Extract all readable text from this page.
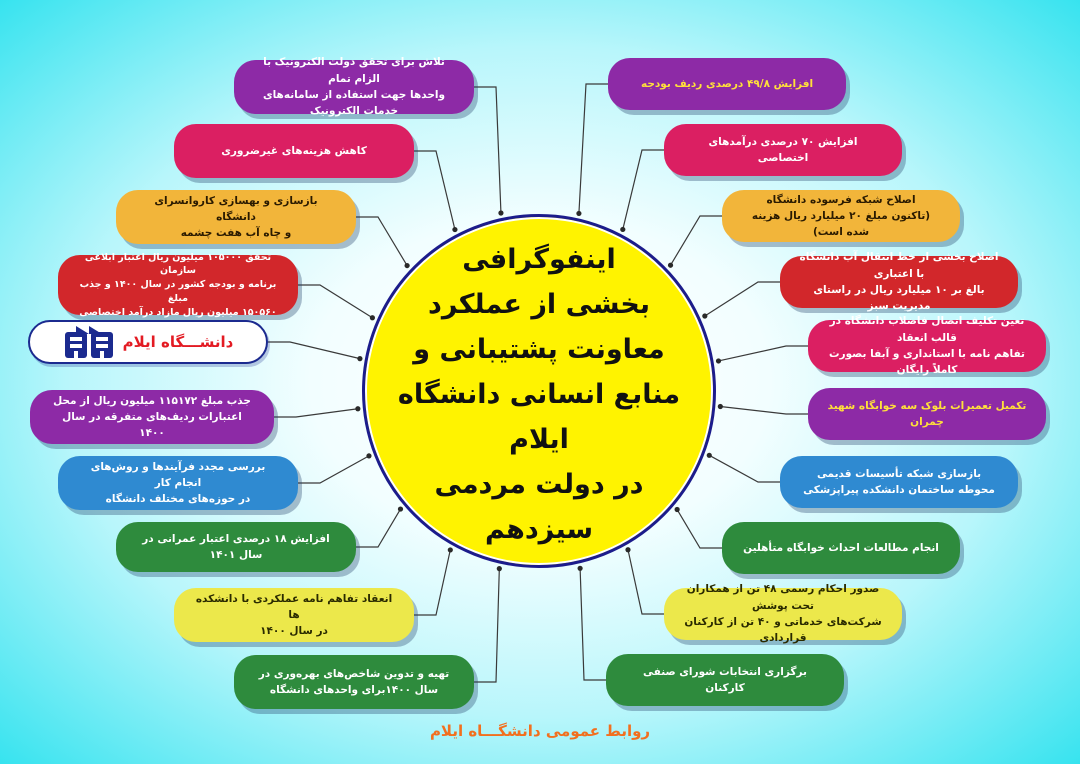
اینفوگرافی
بخشی از عملکرد
معاونت پشتیبانی و
منابع انسانی دانشگاه ایلام
در دولت مردمی
سیزدهم
تلاش برای تحقق دولت الکترونیک با الزام تمام
واحدها جهت استفاده از سامانه‌های خدمات الکترونیک
کاهش هزینه‌های غیرضروری
بازسازی و بهسازی کاروانسرای دانشگاه
و چاه آب هفت چشمه
تحقق ۱۰۵۰۰۰ میلیون ریال اعتبار ابلاغی سازمان
برنامه و بودجه کشور در سال ۱۴۰۰ و جذب مبلغ
۱۵۰۵۶۰ میلیون ریال مازاد درآمد اختصاصی
دانشـــگاه ایلام
جذب مبلغ ۱۱۵۱۷۲ میلیون ریال از محل
اعتبارات ردیف‌های متفرقه در سال ۱۴۰۰
بررسی مجدد فرآیندها و روش‌های انجام کار
در حوزه‌های مختلف دانشگاه
افزایش ۱۸ درصدی اعتبار عمرانی در سال ۱۴۰۱
انعقاد تفاهم نامه عملکردی با دانشکده ها
در سال ۱۴۰۰
تهیه و تدوین شاخص‌های بهره‌وری در
سال ۱۴۰۰برای واحدهای دانشگاه
افزایش ۴۹/۸ درصدی ردیف بودجه
افزایش ۷۰ درصدی درآمدهای اختصاصی
اصلاح شبکه فرسوده دانشگاه
(تاکنون مبلغ ۲۰ میلیارد ریال هزینه شده است)
اصلاح بخشی از خط انتقال آب دانشگاه با اعتباری
بالغ بر ۱۰ میلیارد ریال در راستای مدیریت سبز
تعین تکلیف اتصال فاضلاب دانشگاه در قالب انعقاد
تفاهم نامه با استانداری و آبفا بصورت کاملاً رایگان
تکمیل تعمیرات بلوک سه خوابگاه شهید چمران
بازسازی شبکه تأسیسات قدیمی
محوطه ساختمان دانشکده پیراپزشکی
انجام مطالعات احداث خوابگاه متأهلین
صدور احکام رسمی ۴۸ تن از همکاران تحت پوشش
شرکت‌های خدماتی و ۴۰ تن از کارکنان قراردادی
برگزاری انتخابات شورای صنفی کارکنان
روابط عمومی دانشگـــاه ایلام
